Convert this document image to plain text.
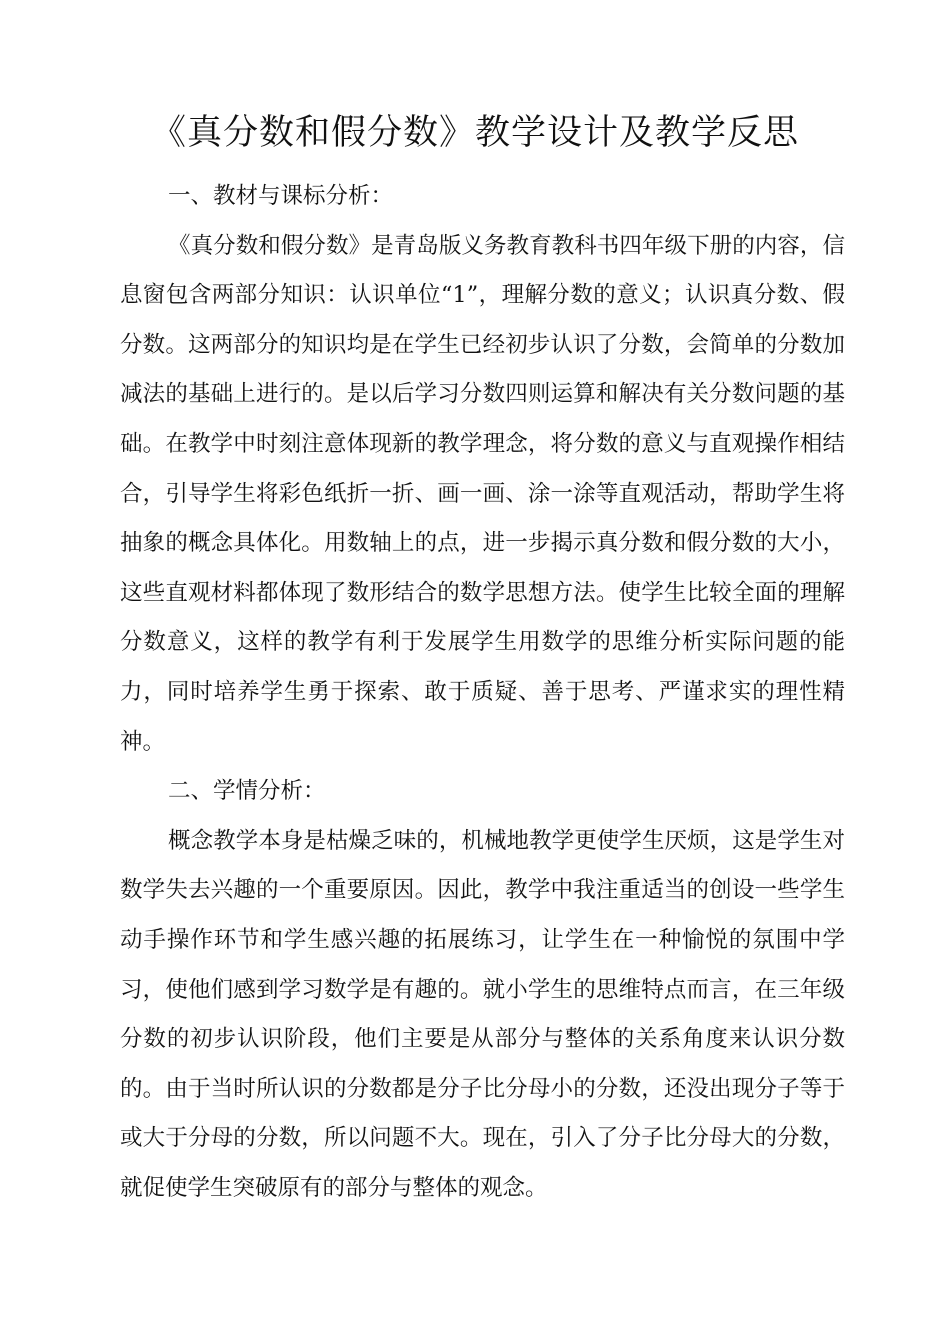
《真分数和假分数》教学设计及教学反思

一、教材与课标分析：

《真分数和假分数》是青岛版义务教育教科书四年级下册的内容，信息窗包含两部分知识：认识单位“1”，理解分数的意义；认识真分数、假分数。这两部分的知识均是在学生已经初步认识了分数，会简单的分数加减法的基础上进行的。是以后学习分数四则运算和解决有关分数问题的基础。在教学中时刻注意体现新的教学理念，将分数的意义与直观操作相结合，引导学生将彩色纸折一折、画一画、涂一涂等直观活动，帮助学生将抽象的概念具体化。用数轴上的点，进一步揭示真分数和假分数的大小，这些直观材料都体现了数形结合的数学思想方法。使学生比较全面的理解分数意义，这样的教学有利于发展学生用数学的思维分析实际问题的能力，同时培养学生勇于探索、敢于质疑、善于思考、严谨求实的理性精神。

二、学情分析：

概念教学本身是枯燥乏味的，机械地教学更使学生厌烦，这是学生对数学失去兴趣的一个重要原因。因此，教学中我注重适当的创设一些学生动手操作环节和学生感兴趣的拓展练习，让学生在一种愉悦的氛围中学习，使他们感到学习数学是有趣的。就小学生的思维特点而言，在三年级分数的初步认识阶段，他们主要是从部分与整体的关系角度来认识分数的。由于当时所认识的分数都是分子比分母小的分数，还没出现分子等于或大于分母的分数，所以问题不大。现在，引入了分子比分母大的分数，就促使学生突破原有的部分与整体的观念。
